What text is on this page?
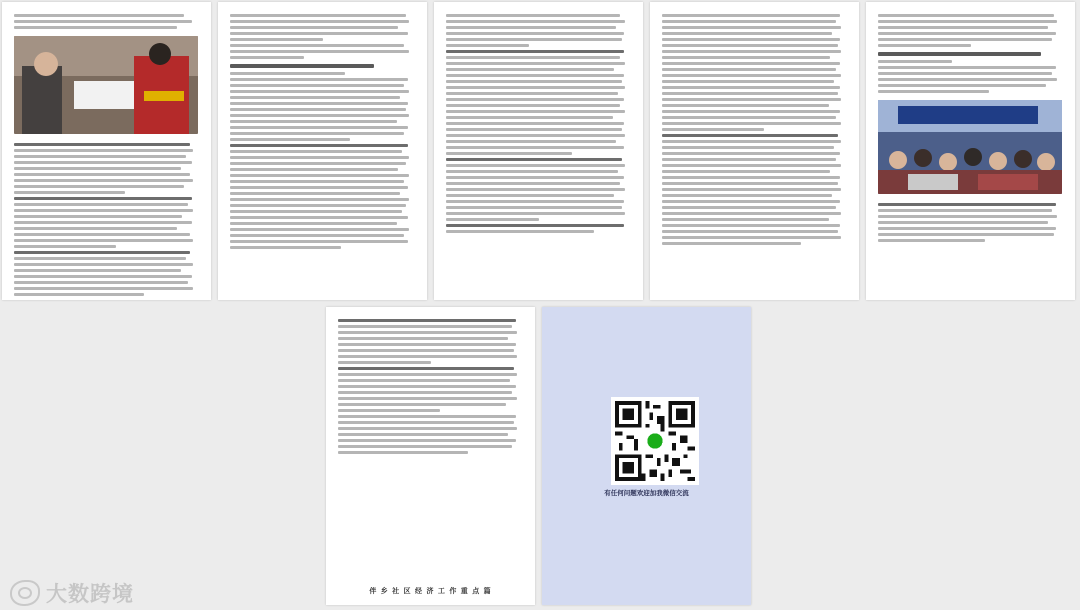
伴 乡 社 区 经 济 工 作 重 点 篇
有任何问题欢迎加我微信交流
大数跨境
